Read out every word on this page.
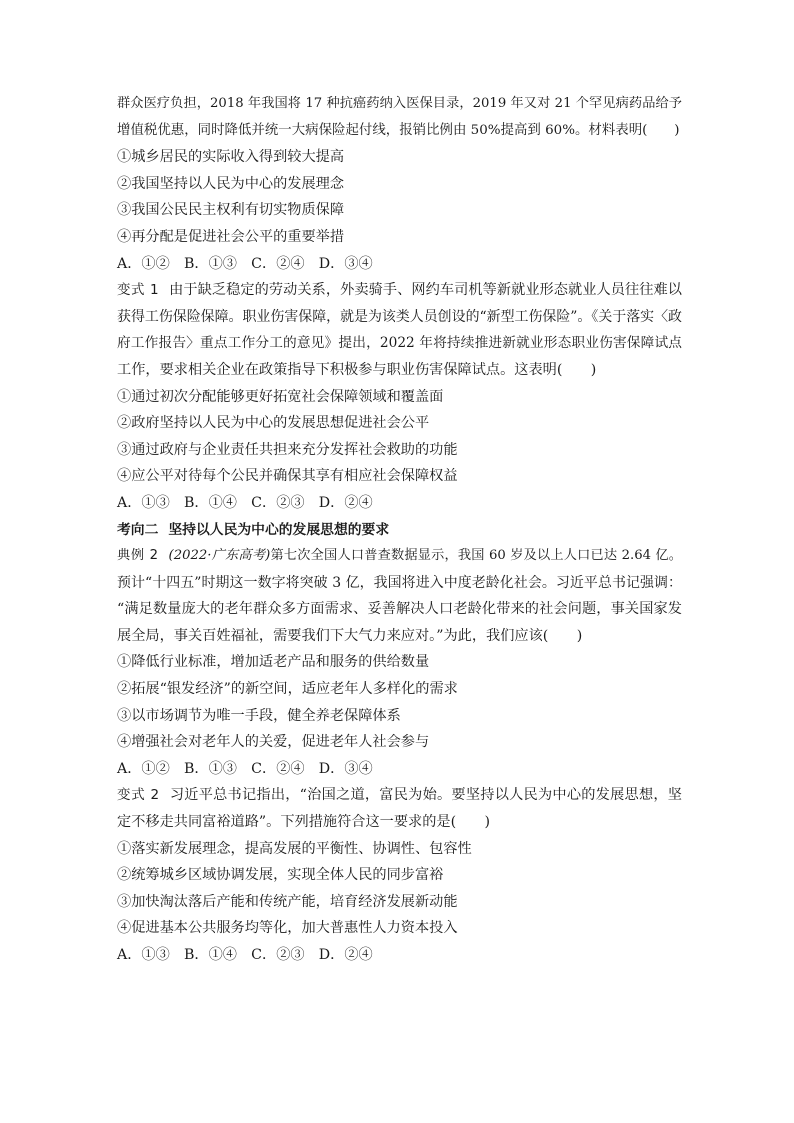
群众医疗负担，2018 年我国将 17 种抗癌药纳入医保目录，2019 年又对 21 个罕见病药品给予
增值税优惠，同时降低并统一大病保险起付线，报销比例由 50%提高到 60%。材料表明(　　)
①城乡居民的实际收入得到较大提高
②我国坚持以人民为中心的发展理念
③我国公民民主权利有切实物质保障
④再分配是促进社会公平的重要举措
A．①②　B．①③　C．②④　D．③④
变式 1 由于缺乏稳定的劳动关系，外卖骑手、网约车司机等新就业形态就业人员往往难以
获得工伤保险保障。职业伤害保障，就是为该类人员创设的“新型工伤保险”。《关于落实〈政
府工作报告〉重点工作分工的意见》提出，2022 年将持续推进新就业形态职业伤害保障试点
工作，要求相关企业在政策指导下积极参与职业伤害保障试点。这表明(　　)
①通过初次分配能够更好拓宽社会保障领域和覆盖面
②政府坚持以人民为中心的发展思想促进社会公平
③通过政府与企业责任共担来充分发挥社会救助的功能
④应公平对待每个公民并确保其享有相应社会保障权益
A．①③　B．①④　C．②③　D．②④
考向二 坚持以人民为中心的发展思想的要求
典例 2 (2022·广东高考)第七次全国人口普查数据显示，我国 60 岁及以上人口已达 2.64 亿。
预计“十四五”时期这一数字将突破 3 亿，我国将进入中度老龄化社会。习近平总书记强调：
“满足数量庞大的老年群众多方面需求、妥善解决人口老龄化带来的社会问题，事关国家发
展全局，事关百姓福祉，需要我们下大气力来应对。”为此，我们应该(　　)
①降低行业标准，增加适老产品和服务的供给数量
②拓展“银发经济”的新空间，适应老年人多样化的需求
③以市场调节为唯一手段，健全养老保障体系
④增强社会对老年人的关爱，促进老年人社会参与
A．①②　B．①③　C．②④　D．③④
变式 2 习近平总书记指出，“治国之道，富民为始。要坚持以人民为中心的发展思想，坚
定不移走共同富裕道路”。下列措施符合这一要求的是(　　)
①落实新发展理念，提高发展的平衡性、协调性、包容性
②统筹城乡区域协调发展，实现全体人民的同步富裕
③加快淘汰落后产能和传统产能，培育经济发展新动能
④促进基本公共服务均等化，加大普惠性人力资本投入
A．①③　B．①④　C．②③　D．②④
